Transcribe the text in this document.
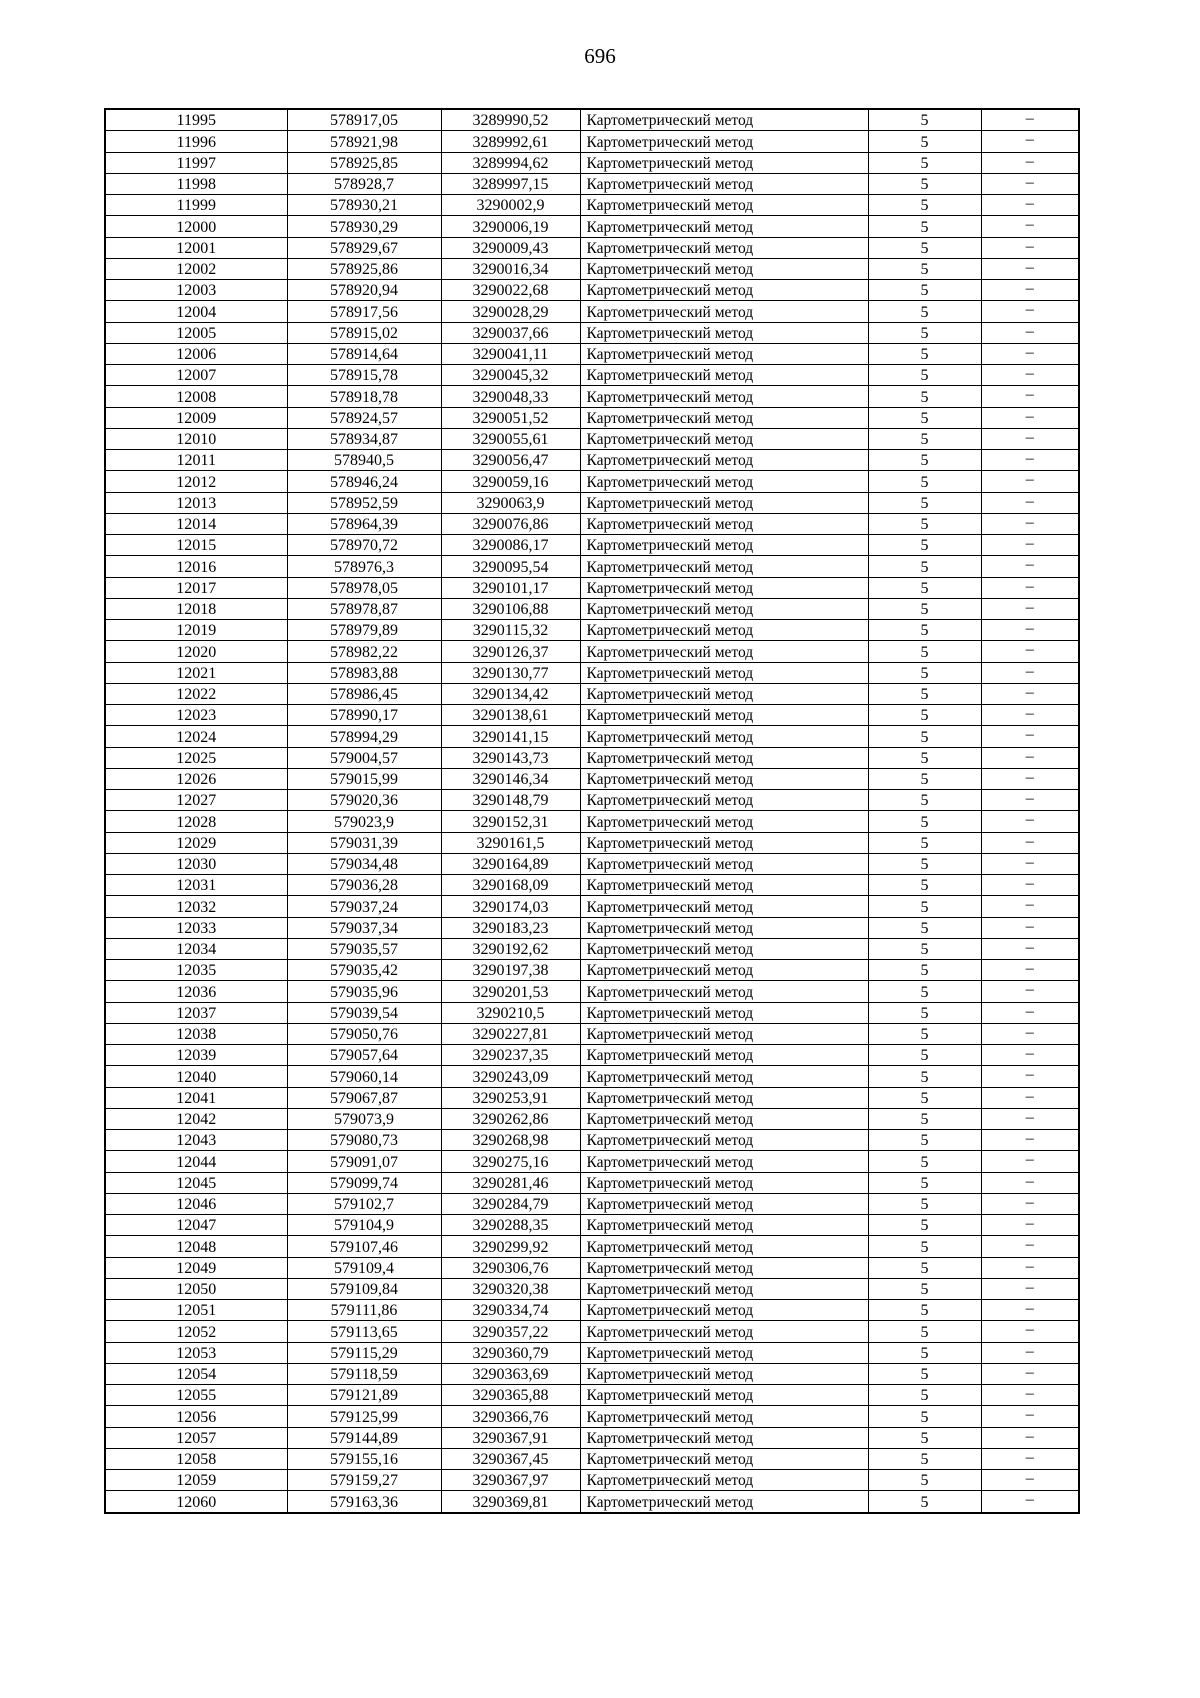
696
11995	578917,05	3289990,52	Картометрический метод	5	–
11996	578921,98	3289992,61	Картометрический метод	5	–
11997	578925,85	3289994,62	Картометрический метод	5	–
11998	578928,7	3289997,15	Картометрический метод	5	–
11999	578930,21	3290002,9	Картометрический метод	5	–
12000	578930,29	3290006,19	Картометрический метод	5	–
12001	578929,67	3290009,43	Картометрический метод	5	–
12002	578925,86	3290016,34	Картометрический метод	5	–
12003	578920,94	3290022,68	Картометрический метод	5	–
12004	578917,56	3290028,29	Картометрический метод	5	–
12005	578915,02	3290037,66	Картометрический метод	5	–
12006	578914,64	3290041,11	Картометрический метод	5	–
12007	578915,78	3290045,32	Картометрический метод	5	–
12008	578918,78	3290048,33	Картометрический метод	5	–
12009	578924,57	3290051,52	Картометрический метод	5	–
12010	578934,87	3290055,61	Картометрический метод	5	–
12011	578940,5	3290056,47	Картометрический метод	5	–
12012	578946,24	3290059,16	Картометрический метод	5	–
12013	578952,59	3290063,9	Картометрический метод	5	–
12014	578964,39	3290076,86	Картометрический метод	5	–
12015	578970,72	3290086,17	Картометрический метод	5	–
12016	578976,3	3290095,54	Картометрический метод	5	–
12017	578978,05	3290101,17	Картометрический метод	5	–
12018	578978,87	3290106,88	Картометрический метод	5	–
12019	578979,89	3290115,32	Картометрический метод	5	–
12020	578982,22	3290126,37	Картометрический метод	5	–
12021	578983,88	3290130,77	Картометрический метод	5	–
12022	578986,45	3290134,42	Картометрический метод	5	–
12023	578990,17	3290138,61	Картометрический метод	5	–
12024	578994,29	3290141,15	Картометрический метод	5	–
12025	579004,57	3290143,73	Картометрический метод	5	–
12026	579015,99	3290146,34	Картометрический метод	5	–
12027	579020,36	3290148,79	Картометрический метод	5	–
12028	579023,9	3290152,31	Картометрический метод	5	–
12029	579031,39	3290161,5	Картометрический метод	5	–
12030	579034,48	3290164,89	Картометрический метод	5	–
12031	579036,28	3290168,09	Картометрический метод	5	–
12032	579037,24	3290174,03	Картометрический метод	5	–
12033	579037,34	3290183,23	Картометрический метод	5	–
12034	579035,57	3290192,62	Картометрический метод	5	–
12035	579035,42	3290197,38	Картометрический метод	5	–
12036	579035,96	3290201,53	Картометрический метод	5	–
12037	579039,54	3290210,5	Картометрический метод	5	–
12038	579050,76	3290227,81	Картометрический метод	5	–
12039	579057,64	3290237,35	Картометрический метод	5	–
12040	579060,14	3290243,09	Картометрический метод	5	–
12041	579067,87	3290253,91	Картометрический метод	5	–
12042	579073,9	3290262,86	Картометрический метод	5	–
12043	579080,73	3290268,98	Картометрический метод	5	–
12044	579091,07	3290275,16	Картометрический метод	5	–
12045	579099,74	3290281,46	Картометрический метод	5	–
12046	579102,7	3290284,79	Картометрический метод	5	–
12047	579104,9	3290288,35	Картометрический метод	5	–
12048	579107,46	3290299,92	Картометрический метод	5	–
12049	579109,4	3290306,76	Картометрический метод	5	–
12050	579109,84	3290320,38	Картометрический метод	5	–
12051	579111,86	3290334,74	Картометрический метод	5	–
12052	579113,65	3290357,22	Картометрический метод	5	–
12053	579115,29	3290360,79	Картометрический метод	5	–
12054	579118,59	3290363,69	Картометрический метод	5	–
12055	579121,89	3290365,88	Картометрический метод	5	–
12056	579125,99	3290366,76	Картометрический метод	5	–
12057	579144,89	3290367,91	Картометрический метод	5	–
12058	579155,16	3290367,45	Картометрический метод	5	–
12059	579159,27	3290367,97	Картометрический метод	5	–
12060	579163,36	3290369,81	Картометрический метод	5	–
